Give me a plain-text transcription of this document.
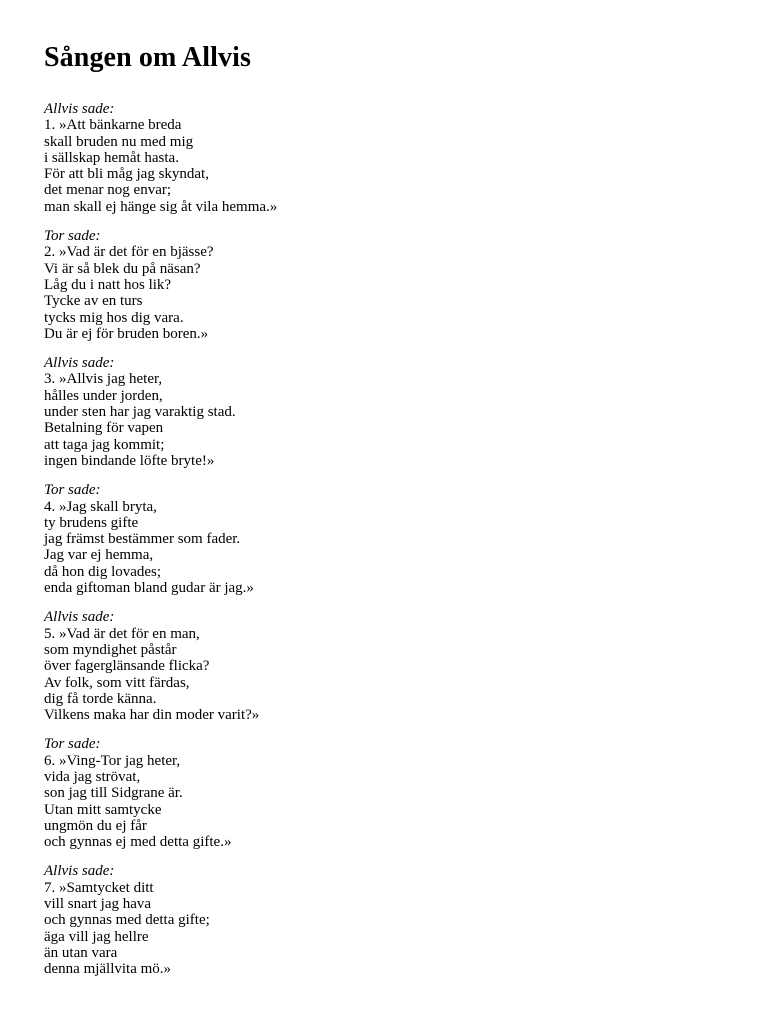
Sången om Allvis
Allvis sade:
1. »Att bänkarne breda
skall bruden nu med mig
i sällskap hemåt hasta.
För att bli måg jag skyndat,
det menar nog envar;
man skall ej hänge sig åt vila hemma.»
Tor sade:
2. »Vad är det för en bjässe?
Vi är så blek du på näsan?
Låg du i natt hos lik?
Tycke av en turs
tycks mig hos dig vara.
Du är ej för bruden boren.»
Allvis sade:
3. »Allvis jag heter,
hålles under jorden,
under sten har jag varaktig stad.
Betalning för vapen
att taga jag kommit;
ingen bindande löfte bryte!»
Tor sade:
4. »Jag skall bryta,
ty brudens gifte
jag främst bestämmer som fader.
Jag var ej hemma,
då hon dig lovades;
enda giftoman bland gudar är jag.»
Allvis sade:
5. »Vad är det för en man,
som myndighet påstår
över fagerglänsande flicka?
Av folk, som vitt färdas,
dig få torde känna.
Vilkens maka har din moder varit?»
Tor sade:
6. »Ving-Tor jag heter,
vida jag strövat,
son jag till Sidgrane är.
Utan mitt samtycke
ungmön du ej får
och gynnas ej med detta gifte.»
Allvis sade:
7. »Samtycket ditt
vill snart jag hava
och gynnas med detta gifte;
äga vill jag hellre
än utan vara
denna mjällvita mö.»
